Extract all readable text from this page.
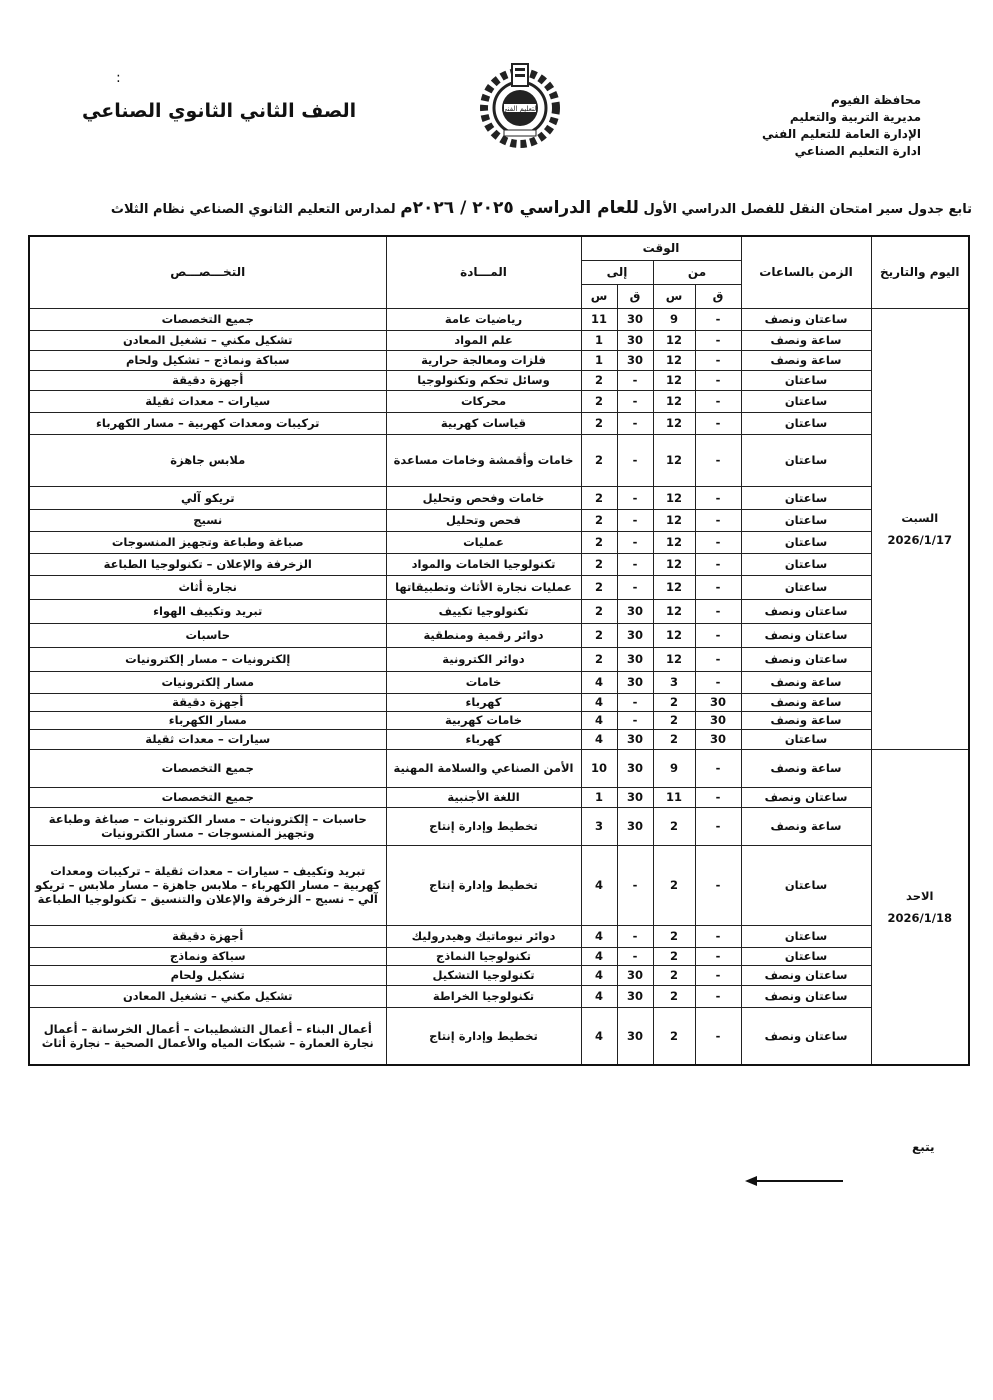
محافظة الفيوم
مديرية التربية والتعليم
الإدارة العامة للتعليم الفني
ادارة التعليم الصناعي
التعليم الفني
:
الصف الثاني الثانوي الصناعي
تابع جدول سير امتحان النقل للفصل الدراسي الأول للعام الدراسي ٢٠٢٥ / ٢٠٢٦م لمدارس التعليم الثانوي الصناعي نظام الثلاث
اليوم والتاريخ	الزمن بالساعات	الوقت				المـــادة	التخـــصـــص
		من		إلى			
		ق	س	ق	س		

السبت
2026/1/17	ساعتان ونصف	-	9	30	11	رياضيات عامة	جميع التخصصات
	ساعة ونصف	-	12	30	1	علم المواد	تشكيل مكني – تشغيل المعادن
	ساعة ونصف	-	12	30	1	فلزات ومعالجة حرارية	سباكة ونماذج – تشكيل ولحام
	ساعتان	-	12	-	2	وسائل تحكم وتكنولوجيا	أجهزة دقيقة
	ساعتان	-	12	-	2	محركات	سيارات – معدات ثقيلة
	ساعتان	-	12	-	2	قياسات كهربية	تركيبات ومعدات كهربية – مسار الكهرباء
	ساعتان	-	12	-	2	خامات وأقمشة وخامات مساعدة	ملابس جاهزة
	ساعتان	-	12	-	2	خامات وفحص وتحليل	تريكو آلي
	ساعتان	-	12	-	2	فحص وتحليل	نسيج
	ساعتان	-	12	-	2	عمليات	صباغة وطباعة وتجهيز المنسوجات
	ساعتان	-	12	-	2	تكنولوجيا الخامات والمواد	الزخرفة والإعلان – تكنولوجيا الطباعة
	ساعتان	-	12	-	2	عمليات نجارة الأثاث وتطبيقاتها	نجارة أثاث
	ساعتان ونصف	-	12	30	2	تكنولوجيا تكييف	تبريد وتكييف الهواء
	ساعتان ونصف	-	12	30	2	دوائر رقمية ومنطقية	حاسبات
	ساعتان ونصف	-	12	30	2	دوائر الكترونية	إلكترونيات – مسار إلكترونيات
	ساعة ونصف	-	3	30	4	خامات	مسار إلكترونيات
	ساعة ونصف	30	2	-	4	كهرباء	أجهزة دقيقة
	ساعة ونصف	30	2	-	4	خامات كهربية	مسار الكهرباء
	ساعتان	30	2	30	4	كهرباء	سيارات – معدات ثقيلة

الاحد
2026/1/18	ساعة ونصف	-	9	30	10	الأمن الصناعي والسلامة المهنية	جميع التخصصات
	ساعتان ونصف	-	11	30	1	اللغة الأجنبية	جميع التخصصات
	ساعة ونصف	-	2	30	3	تخطيط وإدارة إنتاج	حاسبات – إلكترونيات – مسار الكترونيات – صباغة وطباعة وتجهيز المنسوجات – مسار الكترونيات
	ساعتان	-	2	-	4	تخطيط وإدارة إنتاج	تبريد وتكييف – سيارات – معدات ثقيلة – تركيبات ومعدات كهربية – مسار الكهرباء – ملابس جاهزة – مسار ملابس – تريكو آلي – نسيج – الزخرفة والإعلان والتنسيق – تكنولوجيا الطباعة
	ساعتان	-	2	-	4	دوائر نيوماتيك وهيدروليك	أجهزة دقيقة
	ساعتان	-	2	-	4	تكنولوجيا النماذج	سباكة ونماذج
	ساعتان ونصف	-	2	30	4	تكنولوجيا التشكيل	تشكيل ولحام
	ساعتان ونصف	-	2	30	4	تكنولوجيا الخراطة	تشكيل مكني – تشغيل المعادن
	ساعتان ونصف	-	2	30	4	تخطيط وإدارة إنتاج	أعمال البناء – أعمال التشطيبات – أعمال الخرسانة – أعمال نجارة العمارة – شبكات المياه والأعمال الصحية – نجارة أثاث
يتبع
